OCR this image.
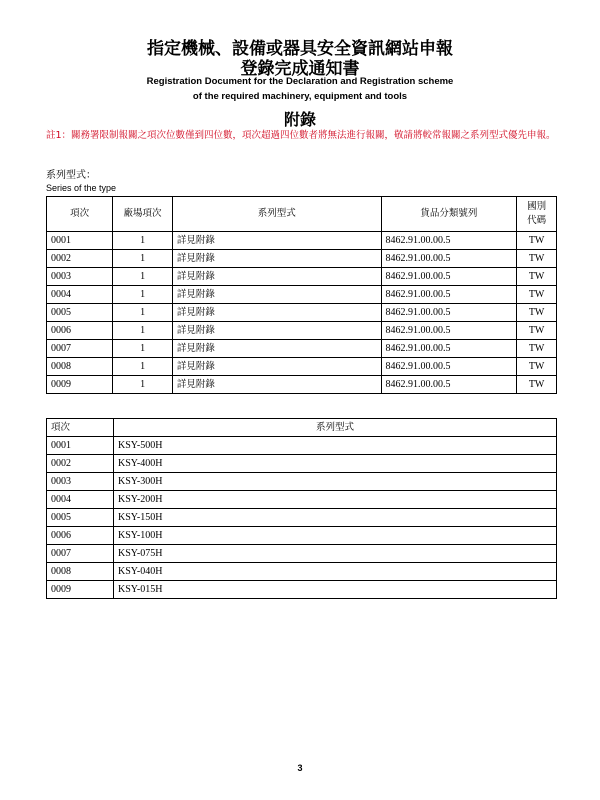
指定機械、設備或器具安全資訊網站申報
登錄完成通知書
Registration Document for the Declaration and Registration scheme
of the required machinery, equipment and tools
附錄
註1：關務署限制報關之項次位數僅到四位數，項次超過四位數者將無法進行報關，敬請將較常報關之系列型式優先申報。
系列型式：
Series of the type
項次	廠場項次	系列型式	貨品分類號列	國別
代碼
0001	1	詳見附錄	8462.91.00.00.5	TW
0002	1	詳見附錄	8462.91.00.00.5	TW
0003	1	詳見附錄	8462.91.00.00.5	TW
0004	1	詳見附錄	8462.91.00.00.5	TW
0005	1	詳見附錄	8462.91.00.00.5	TW
0006	1	詳見附錄	8462.91.00.00.5	TW
0007	1	詳見附錄	8462.91.00.00.5	TW
0008	1	詳見附錄	8462.91.00.00.5	TW
0009	1	詳見附錄	8462.91.00.00.5	TW
項次	系列型式
0001	KSY-500H
0002	KSY-400H
0003	KSY-300H
0004	KSY-200H
0005	KSY-150H
0006	KSY-100H
0007	KSY-075H
0008	KSY-040H
0009	KSY-015H
3
